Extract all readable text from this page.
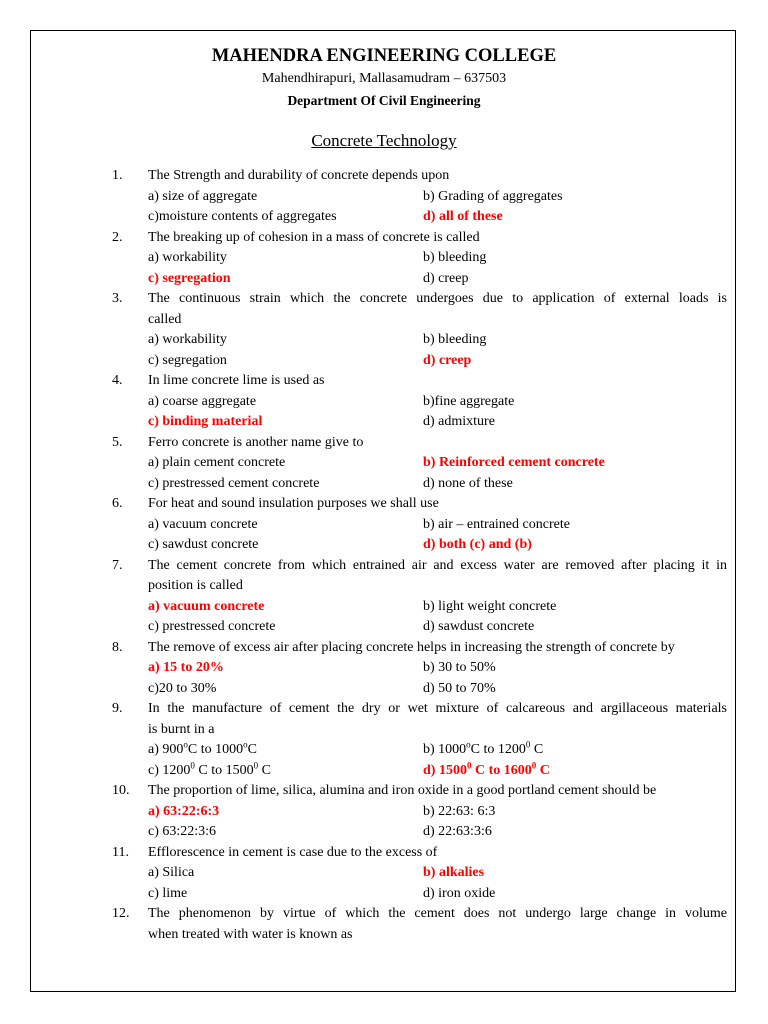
MAHENDRA ENGINEERING COLLEGE
Mahendhirapuri, Mallasamudram – 637503
Department Of Civil Engineering
Concrete Technology
1. The Strength and durability of concrete depends upon
a) size of aggregate	b) Grading of aggregates
c)moisture contents of aggregates	d) all of these
2. The breaking up of cohesion in a mass of concrete is called
a) workability	b) bleeding
c) segregation	d) creep
3. The continuous strain which the concrete undergoes due to application of external loads is
called
a) workability	b) bleeding
c) segregation	d) creep
4. In lime concrete lime is used as
a) coarse aggregate	b)fine aggregate
c) binding material	d) admixture
5. Ferro concrete is another name give to
a) plain cement concrete	b) Reinforced cement concrete
c) prestressed cement concrete	d) none of these
6. For heat and sound insulation purposes we shall use
a) vacuum concrete	b) air – entrained concrete
c) sawdust concrete	d) both (c) and (b)
7. The cement concrete from which entrained air and excess water are removed after placing it in
position is called
a) vacuum concrete	b) light weight concrete
c) prestressed concrete	d) sawdust concrete
8. The remove of excess air after placing concrete helps in increasing the strength of concrete by
a) 15 to 20%	b) 30 to 50%
c)20 to 30%	d) 50 to 70%
9. In the manufacture of cement the dry or wet mixture of calcareous and argillaceous materials
is burnt in a
a) 900$^o$C to 1000$^o$C	b) 1000$^o$C to 1200$^0$ C
c) 1200$^0$ C to 1500$^0$ C	d) 1500$^0$ C to 1600$^0$ C
10. The proportion of lime, silica, alumina and iron oxide in a good portland cement should be
a) 63:22:6:3	b) 22:63: 6:3
c) 63:22:3:6	d) 22:63:3:6
11. Efflorescence in cement is case due to the excess of
a) Silica	b) alkalies
c) lime	d) iron oxide
12. The phenomenon by virtue of which the cement does not undergo large change in volume
when treated with water is known as
